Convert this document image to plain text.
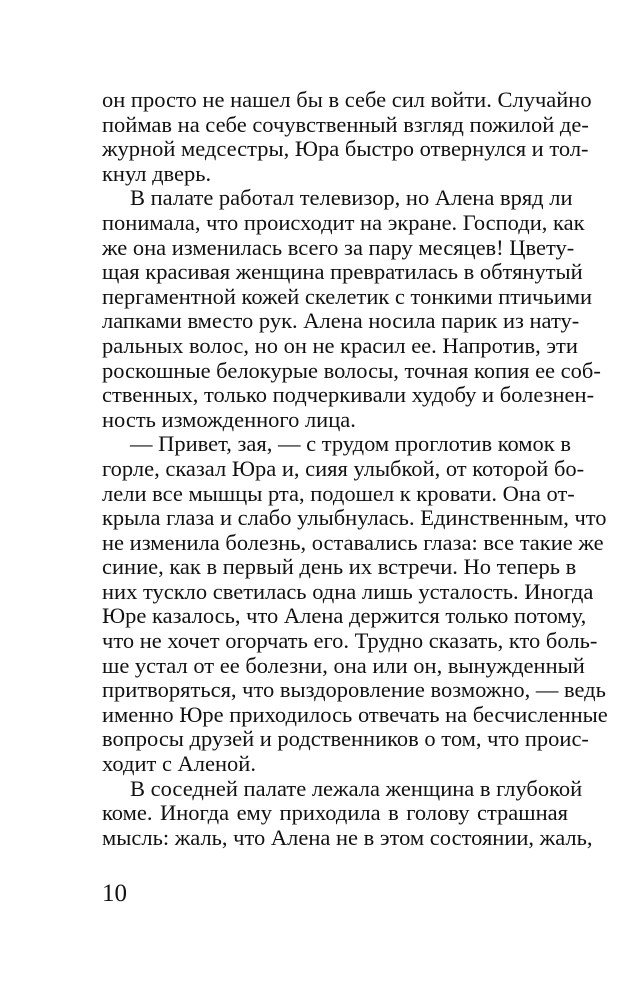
он просто не нашел бы в себе сил войти. Случайно
поймав на себе сочувственный взгляд пожилой де-
журной медсестры, Юра быстро отвернулся и тол-
кнул дверь.
В палате работал телевизор, но Алена вряд ли
понимала, что происходит на экране. Господи, как
же она изменилась всего за пару месяцев! Цвету-
щая красивая женщина превратилась в обтянутый
пергаментной кожей скелетик с тонкими птичьими
лапками вместо рук. Алена носила парик из нату-
ральных волос, но он не красил ее. Напротив, эти
роскошные белокурые волосы, точная копия ее соб-
ственных, только подчеркивали худобу и болезнен-
ность изможденного лица.
— Привет, зая, — с трудом проглотив комок в
горле, сказал Юра и, сияя улыбкой, от которой бо-
лели все мышцы рта, подошел к кровати. Она от-
крыла глаза и слабо улыбнулась. Единственным, что
не изменила болезнь, оставались глаза: все такие же
синие, как в первый день их встречи. Но теперь в
них тускло светилась одна лишь усталость. Иногда
Юре казалось, что Алена держится только потому,
что не хочет огорчать его. Трудно сказать, кто боль-
ше устал от ее болезни, она или он, вынужденный
притворяться, что выздоровление возможно, — ведь
именно Юре приходилось отвечать на бесчисленные
вопросы друзей и родственников о том, что проис-
ходит с Аленой.
В соседней палате лежала женщина в глубокой
коме. Иногда ему приходила в голову страшная
мысль: жаль, что Алена не в этом состоянии, жаль,
10
